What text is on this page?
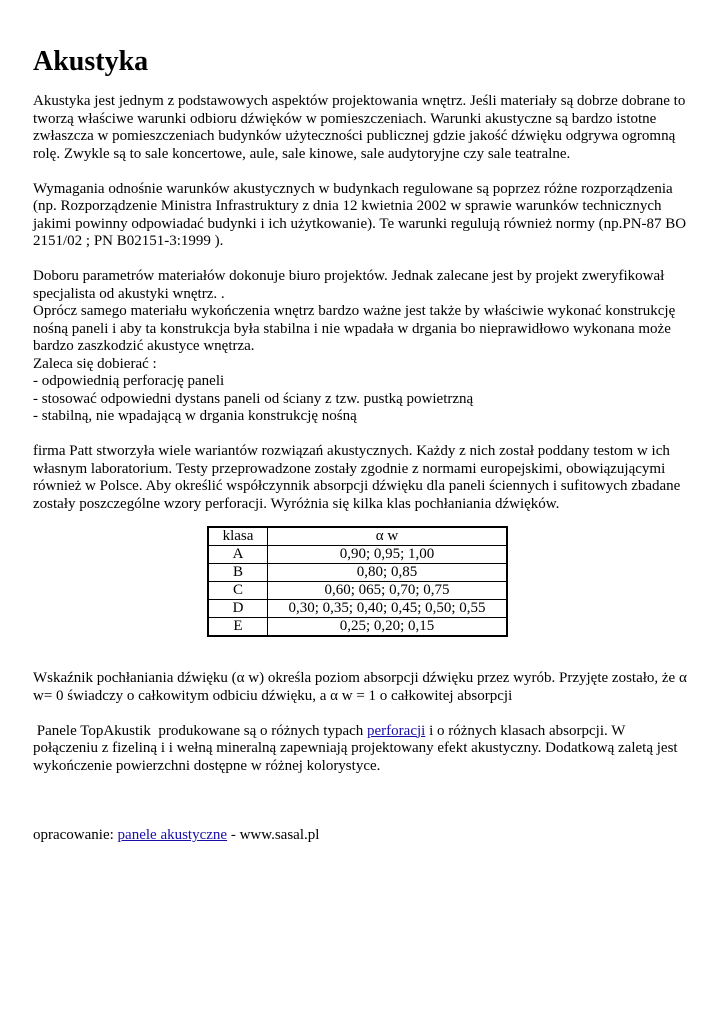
Akustyka

Akustyka jest jednym z podstawowych aspektów projektowania wnętrz. Jeśli materiały są dobrze dobrane to tworzą właściwe warunki odbioru dźwięków w pomieszczeniach. Warunki akustyczne są bardzo istotne zwłaszcza w pomieszczeniach budynków użyteczności publicznej gdzie jakość dźwięku odgrywa ogromną rolę. Zwykle są to sale koncertowe, aule, sale kinowe, sale audytoryjne czy sale teatralne.

Wymagania odnośnie warunków akustycznych w budynkach regulowane są poprzez różne rozporządzenia (np. Rozporządzenie Ministra Infrastruktury z dnia 12 kwietnia 2002 w sprawie warunków technicznych jakimi powinny odpowiadać budynki i ich użytkowanie). Te warunki regulują również normy (np.PN-87 BO 2151/02 ; PN B02151-3:1999 ).

Doboru parametrów materiałów dokonuje biuro projektów. Jednak zalecane jest by projekt zweryfikował specjalista od akustyki wnętrz. .

Oprócz samego materiału wykończenia wnętrz bardzo ważne jest także by właściwie wykonać konstrukcję nośną paneli i aby ta konstrukcja była stabilna i nie wpadała w drgania bo nieprawidłowo wykonana może bardzo zaszkodzić akustyce wnętrza.

Zaleca się dobierać :

- odpowiednią perforację paneli

- stosować odpowiedni dystans paneli od ściany z tzw. pustką powietrzną

- stabilną, nie wpadającą w drgania konstrukcję nośną

firma Patt stworzyła wiele wariantów rozwiązań akustycznych. Każdy z nich został poddany testom w ich własnym laboratorium. Testy przeprowadzone zostały zgodnie z normami europejskimi, obowiązującymi również w Polsce. Aby określić współczynnik absorpcji dźwięku dla paneli ściennych i sufitowych zbadane zostały poszczególne wzory perforacji. Wyróżnia się kilka klas pochłaniania dźwięków.

klasa	α w
A	0,90; 0,95; 1,00
B	0,80; 0,85
C	0,60; 065; 0,70; 0,75
D	0,30; 0,35; 0,40; 0,45; 0,50; 0,55
E	0,25; 0,20; 0,15

Wskaźnik pochłaniania dźwięku (α w) określa poziom absorpcji dźwięku przez wyrób. Przyjęte zostało, że α w= 0 świadczy o całkowitym odbiciu dźwięku, a α w = 1 o całkowitej absorpcji

Panele TopAkustik  produkowane są o różnych typach perforacji i o różnych klasach absorpcji. W połączeniu z fizeliną i i wełną mineralną zapewniają projektowany efekt akustyczny. Dodatkową zaletą jest wykończenie powierzchni dostępne w różnej kolorystyce.

opracowanie: panele akustyczne - www.sasal.pl
